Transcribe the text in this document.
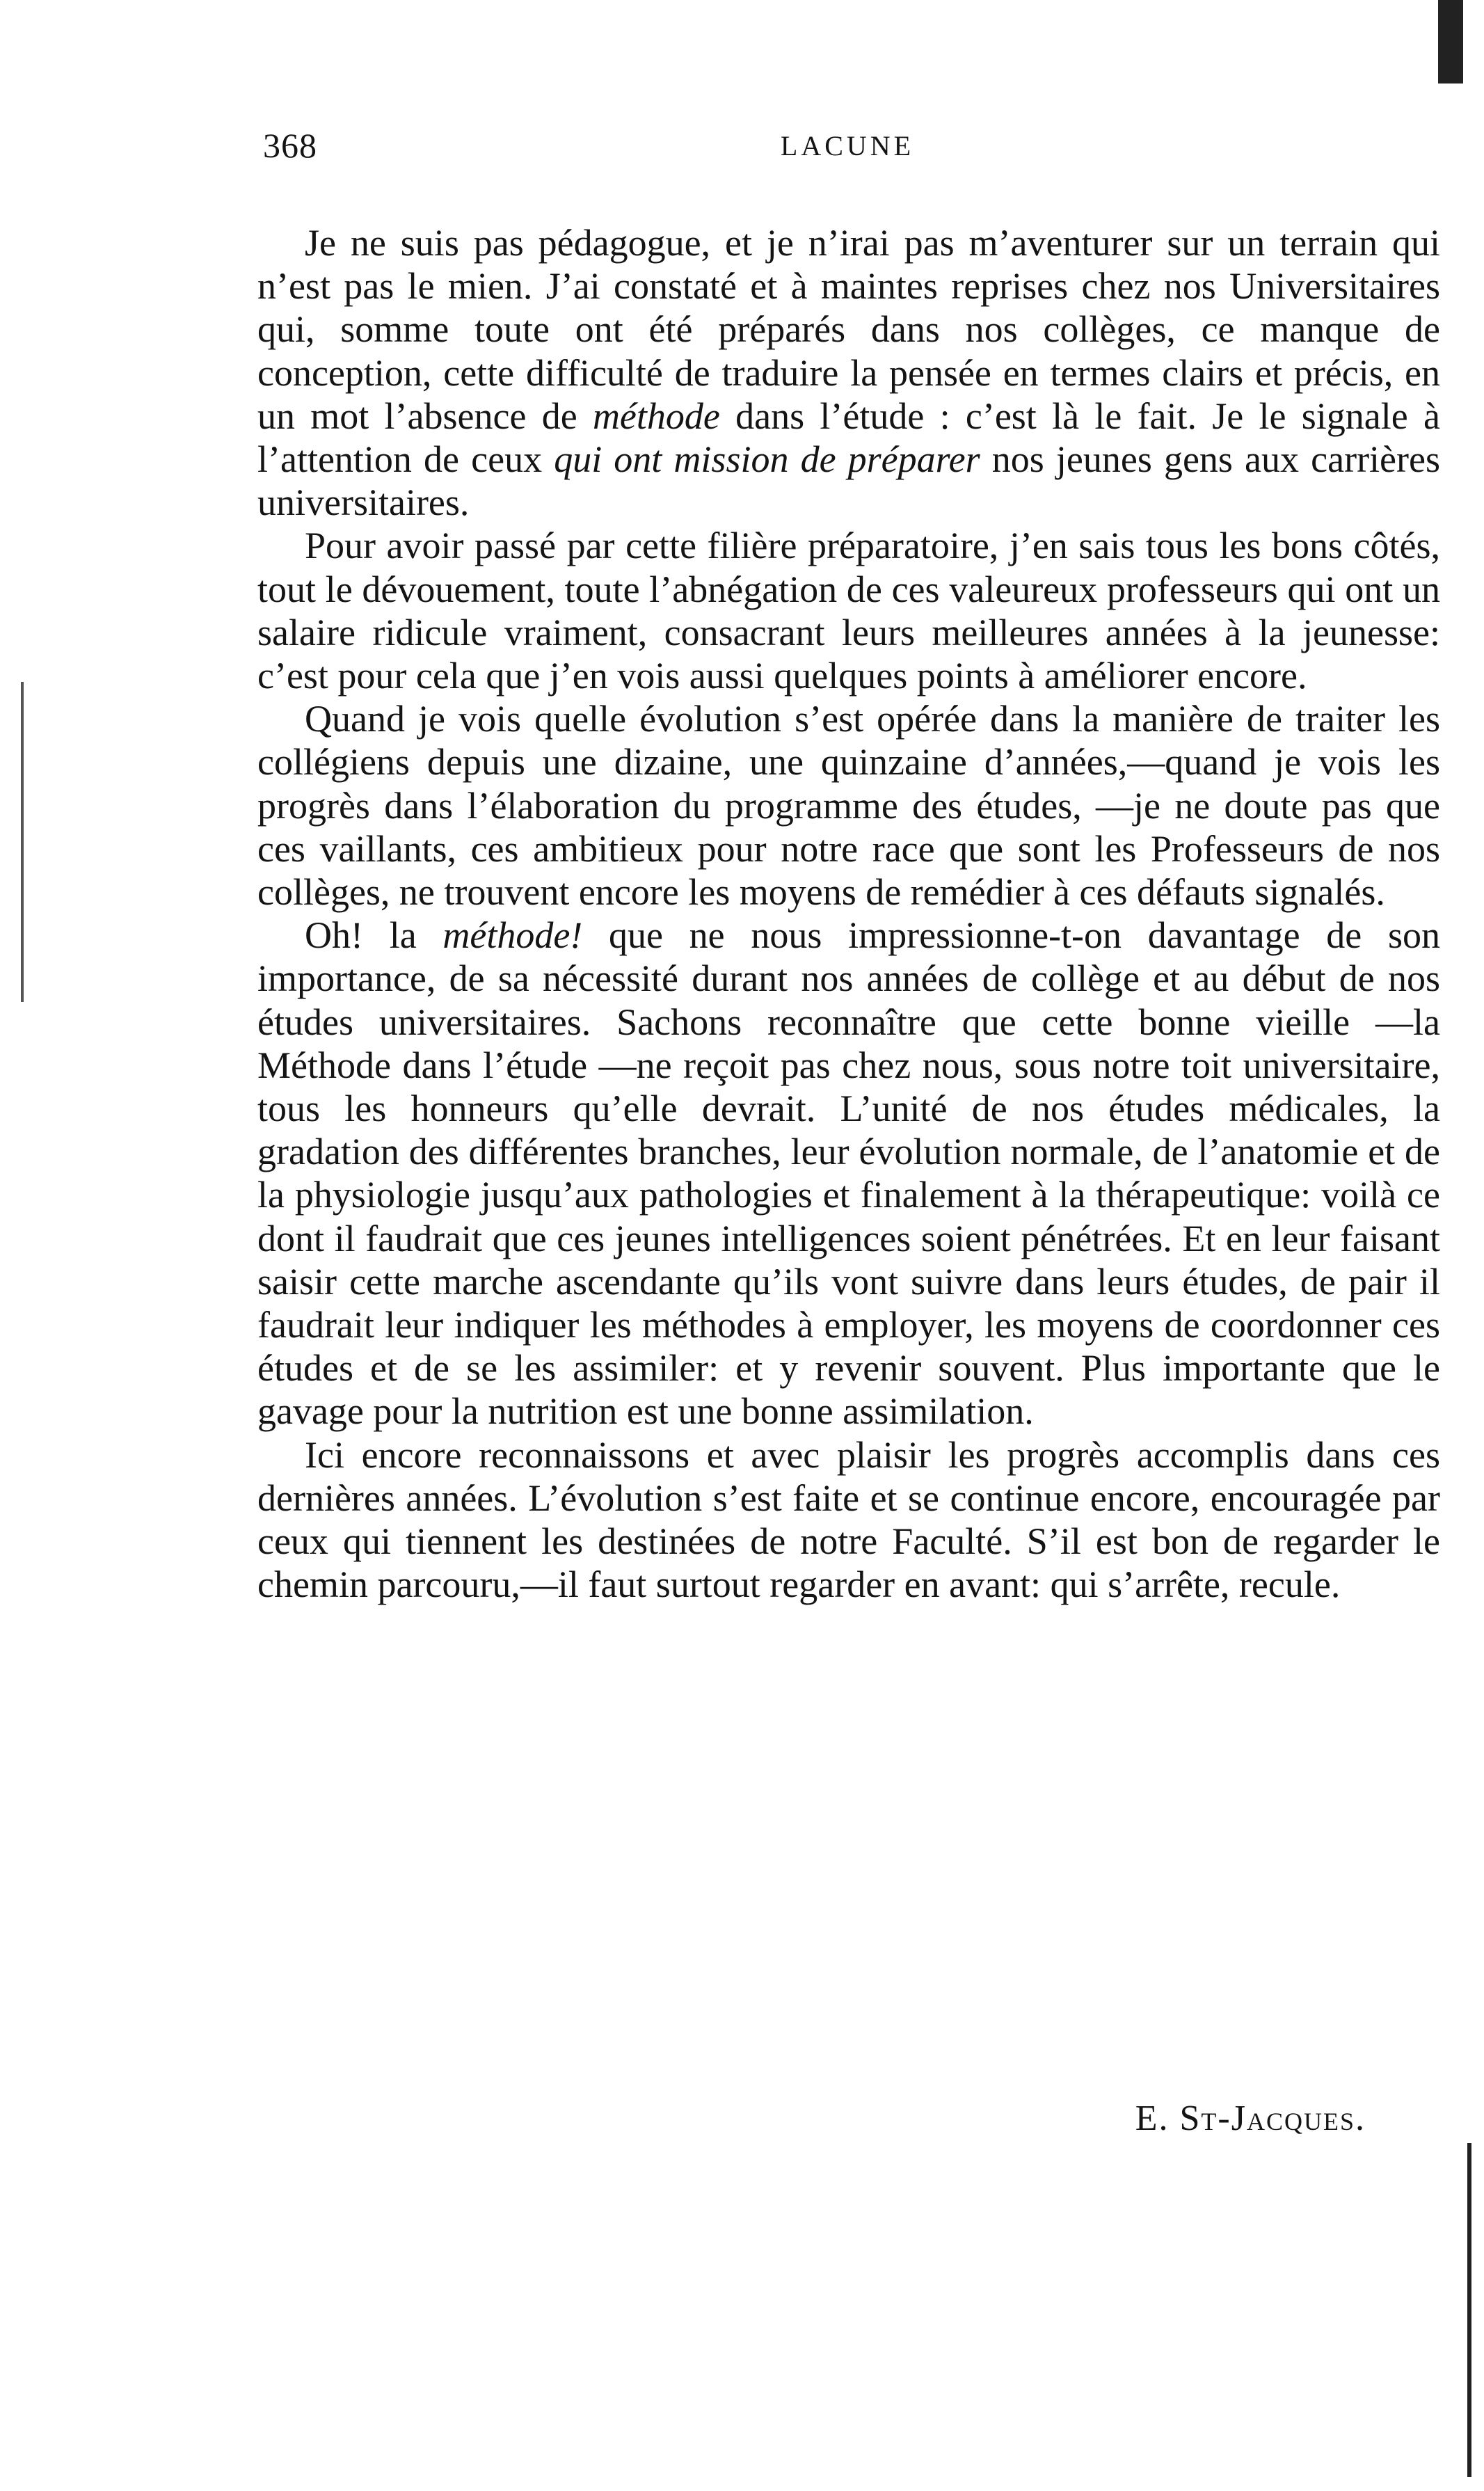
368	LACUNE

Je ne suis pas pédagogue, et je n’irai pas m’aventurer sur un terrain qui n’est pas le mien. J’ai constaté et à maintes reprises chez nos Universitaires qui, somme toute ont été préparés dans nos collèges, ce manque de conception, cette difficulté de traduire la pensée en termes clairs et précis, en un mot l’absence de méthode dans l’étude : c’est là le fait. Je le signale à l’attention de ceux qui ont mission de préparer nos jeunes gens aux carrières universitaires.

Pour avoir passé par cette filière préparatoire, j’en sais tous les bons côtés, tout le dévouement, toute l’abnégation de ces valeureux professeurs qui ont un salaire ridicule vraiment, consacrant leurs meilleures années à la jeunesse: c’est pour cela que j’en vois aussi quelques points à améliorer encore.

Quand je vois quelle évolution s’est opérée dans la manière de traiter les collégiens depuis une dizaine, une quinzaine d’années,—quand je vois les progrès dans l’élaboration du programme des études, —je ne doute pas que ces vaillants, ces ambitieux pour notre race que sont les Professeurs de nos collèges, ne trouvent encore les moyens de remédier à ces défauts signalés.

Oh! la méthode! que ne nous impressionne-t-on davantage de son importance, de sa nécessité durant nos années de collège et au début de nos études universitaires. Sachons reconnaître que cette bonne vieille —la Méthode dans l’étude —ne reçoit pas chez nous, sous notre toit universitaire, tous les honneurs qu’elle devrait. L’unité de nos études médicales, la gradation des différentes branches, leur évolution normale, de l’anatomie et de la physiologie jusqu’aux pathologies et finalement à la thérapeutique: voilà ce dont il faudrait que ces jeunes intelligences soient pénétrées. Et en leur faisant saisir cette marche ascendante qu’ils vont suivre dans leurs études, de pair il faudrait leur indiquer les méthodes à employer, les moyens de coordonner ces études et de se les assimiler: et y revenir souvent. Plus importante que le gavage pour la nutrition est une bonne assimilation.

Ici encore reconnaissons et avec plaisir les progrès accomplis dans ces dernières années. L’évolution s’est faite et se continue encore, encouragée par ceux qui tiennent les destinées de notre Faculté. S’il est bon de regarder le chemin parcouru,—il faut surtout regarder en avant: qui s’arrête, recule.

E. St-Jacques.
